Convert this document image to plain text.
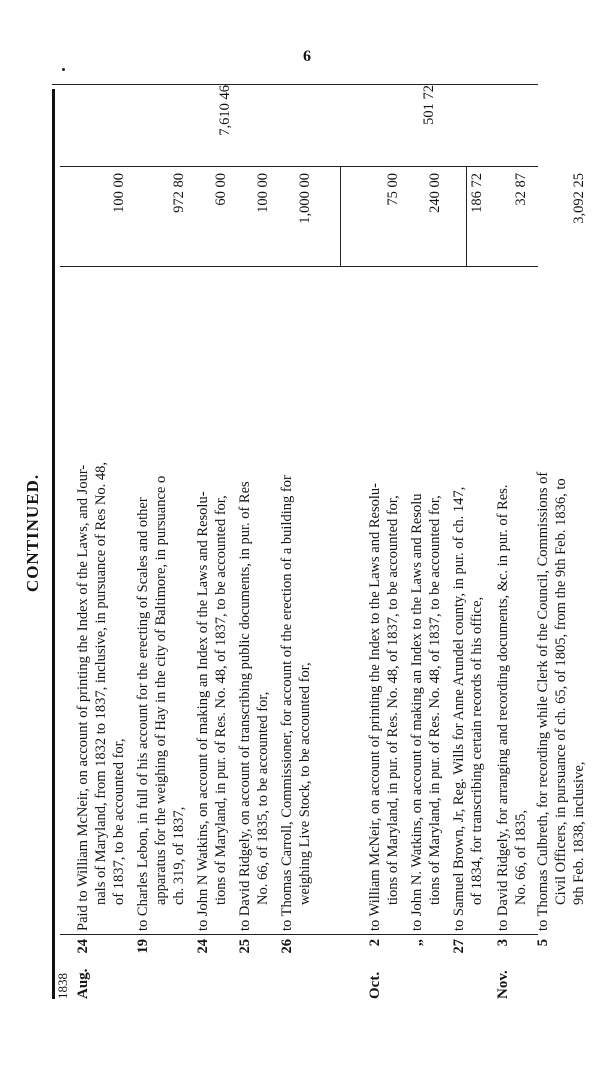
6
CONTINUED.
Aug.
24
Paid to William McNeir, on account of printing the Index of the Laws, and Jour- nals of Maryland, from 1832 to 1837, inclusive, in pursuance of Res No. 48, of 1837, to be accounted for,
100 00
19
to Charles Lebon, in full of his account for the erecting of Scales and other apparatus for the weighing of Hay in the city of Baltimore, in pursuance o ch. 319, of 1837,
972 80
24
to John N Watkins, on account of making an Index of the Laws and Resolu- tions of Maryland, in pur. of Res. No. 48, of 1837, to be accounted for,
60 00
25
to David Ridgely, on account of transcribing public documents, in pur. of Res No. 66, of 1835, to be accounted for,
100 00
26
to Thomas Carroll, Commissioner, for account of the erection of a building for weighing Live Stock, to be accounted for,
1,000 00
7,610 46
Oct.
2
to William McNeir, on account of printing the Index to the Laws and Resolu- tions of Maryland, in pur. of Res. No. 48, of 1837, to be accounted for,
75 00
„
to John N. Watkins, on account of making an Index to the Laws and Resolu tions of Maryland, in pur. of Res. No. 48, of 1837, to be accounted for,
240 00
27
to Samuel Brown, Jr, Reg. Wills for Anne Arundel county, in pur. of ch. 147, of 1834, for transcribing certain records of his office,
186 72
501 72
Nov.
3
to David Ridgely, for arranging and recording documents, &c. in pur. of Res. No. 66, of 1835,
32 87
5
to Thomas Culbreth, for recording while Clerk of the Council, Commissions of Civil Officers, in pursuance of ch. 65, of 1805, from the 9th Feb. 1836, to 9th Feb. 1838, inclusive,
3,092 25
1838
